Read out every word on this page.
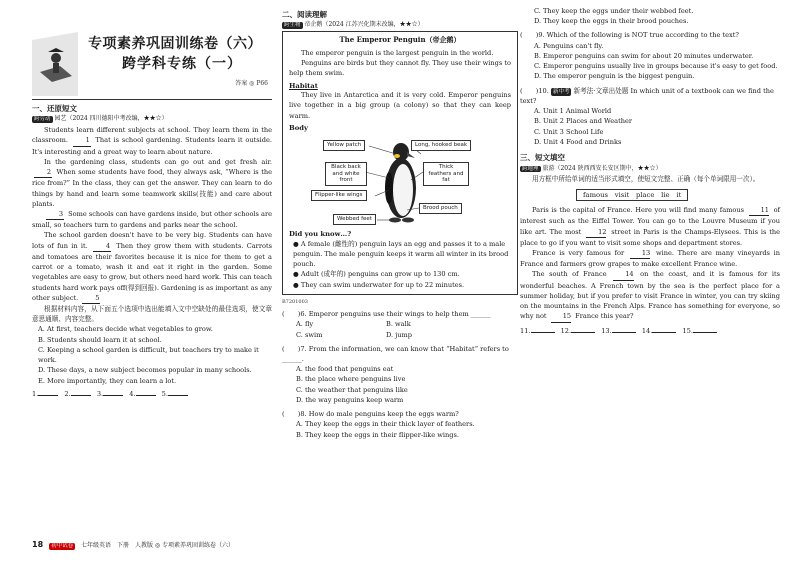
专项素养巩固训练卷（六）
跨学科专练（一）
答案 ◎ P66
一、还原短文
跨劳动 园艺（2024 四川德阳中考改编，★★☆）

Students learn different subjects at school. They learn them in the classroom. 1 That is school gardening. Students learn it outside. It's interesting and a great way to learn about nature.

In the gardening class, students can go out and get fresh air. 2 When some students have food, they always ask, “Where is the rice from?” In the class, they can get the answer. They can learn to do things by hand and learn some teamwork skills(技能) and care about plants.

3 Some schools can have gardens inside, but other schools are small, so teachers turn to gardens and parks near the school.

The school garden doesn't have to be very big. Students can have lots of fun in it. 4 Then they grow them with students. Carrots and tomatoes are their favorites because it is nice for them to get a carrot or a tomato, wash it and eat it right in the garden. Some vegetables are easy to grow, but others need hard work. This can teach students hard work pays off(得到回报). Gardening is as important as any other subject. 5

根据材料内容，从下面五个选项中选出能填入文中空缺处的最佳选项，使文章意思通顺、内容完整。

A. At first, teachers decide what vegetables to grow.
B. Students should learn it at school.
C. Keeping a school garden is difficult, but teachers try to make it work.
D. These days, a new subject becomes popular in many schools.
E. More importantly, they can learn a lot.
1.	2.	3.	4.	5.
二、阅读理解
跨生物 帝企鹅（2024 江苏兴化期末改编，★★☆）
The Emperor Penguin（帝企鹅）

The emperor penguin is the largest penguin in the world.

Penguins are birds but they cannot fly. They use their wings to help them swim.

Habitat

They live in Antarctica and it is very cold. Emperor penguins live together in a big group (a colony) so that they can keep warm.

Body
Yellow patch	Long, hooked beak
Black back and white front
Thick feathers and fat
Flipper-like wings
Brood pouch
Webbed feet
Did you know…?
● A female (雌性的) penguin lays an egg and passes it to a male penguin. The male penguin keeps it warm all winter in its brood pouch.
● Adult (成年的) penguins can grow up to 130 cm.
● They can swim underwater for up to 22 minutes.
B7201003
(　　)6. Emperor penguins use their wings to help them ______
A. fly	B. walk
C. swim	D. jump
(　　)7. From the information, we can know that “Habitat” refers to ______.
A. the food that penguins eat
B. the place where penguins live
C. the weather that penguins like
D. the way penguins keep warm
(　　)8. How do male penguins keep the eggs warm?
A. They keep the eggs in their thick layer of feathers.
B. They keep the eggs in their flipper-like wings.
C. They keep the eggs under their webbed feet.
D. They keep the eggs in their brood pouches.
(　　)9. Which of the following is NOT true according to the text?
A. Penguins can't fly.
B. Emperor penguins can swim for about 20 minutes underwater.
C. Emperor penguins usually live in groups because it's easy to get food.
D. The emperor penguin is the biggest penguin.
(　　)10. 新中考 新考法·文章出处题 In which unit of a textbook can we find the text?
A. Unit 1 Animal World
B. Unit 2 Places and Weather
C. Unit 3 School Life
D. Unit 4 Food and Drinks
三、短文填空
跨地理 旅游（2024 陕西西安长安区期中，★★☆）

用方框中所给单词的适当形式填空，使短文完整、正确（每个单词限用一次）。

famous　visit　place　lie　it

Paris is the capital of France. Here you will find many famous 11 of interest such as the Eiffel Tower. You can go to the Louvre Museum if you like art. The most 12 street in Paris is the Champs-Elysees. This is the place to go if you want to visit some shops and department stores.

France is very famous for 13 wine. There are many vineyards in France and farmers grow grapes to make excellent France wine.

The south of France 14 on the coast, and it is famous for its wonderful beaches. A French town by the sea is the perfect place for a summer holiday, but if you prefer to visit France in winter, you can try skiing on the mountains in the French Alps. France has something for everyone, so why not 15 France this year?

11.	12.	13.	14.	15.
18 初中试卷 七年级英语　下册　人教版 ◎ 专项素养巩固训练卷（六）
